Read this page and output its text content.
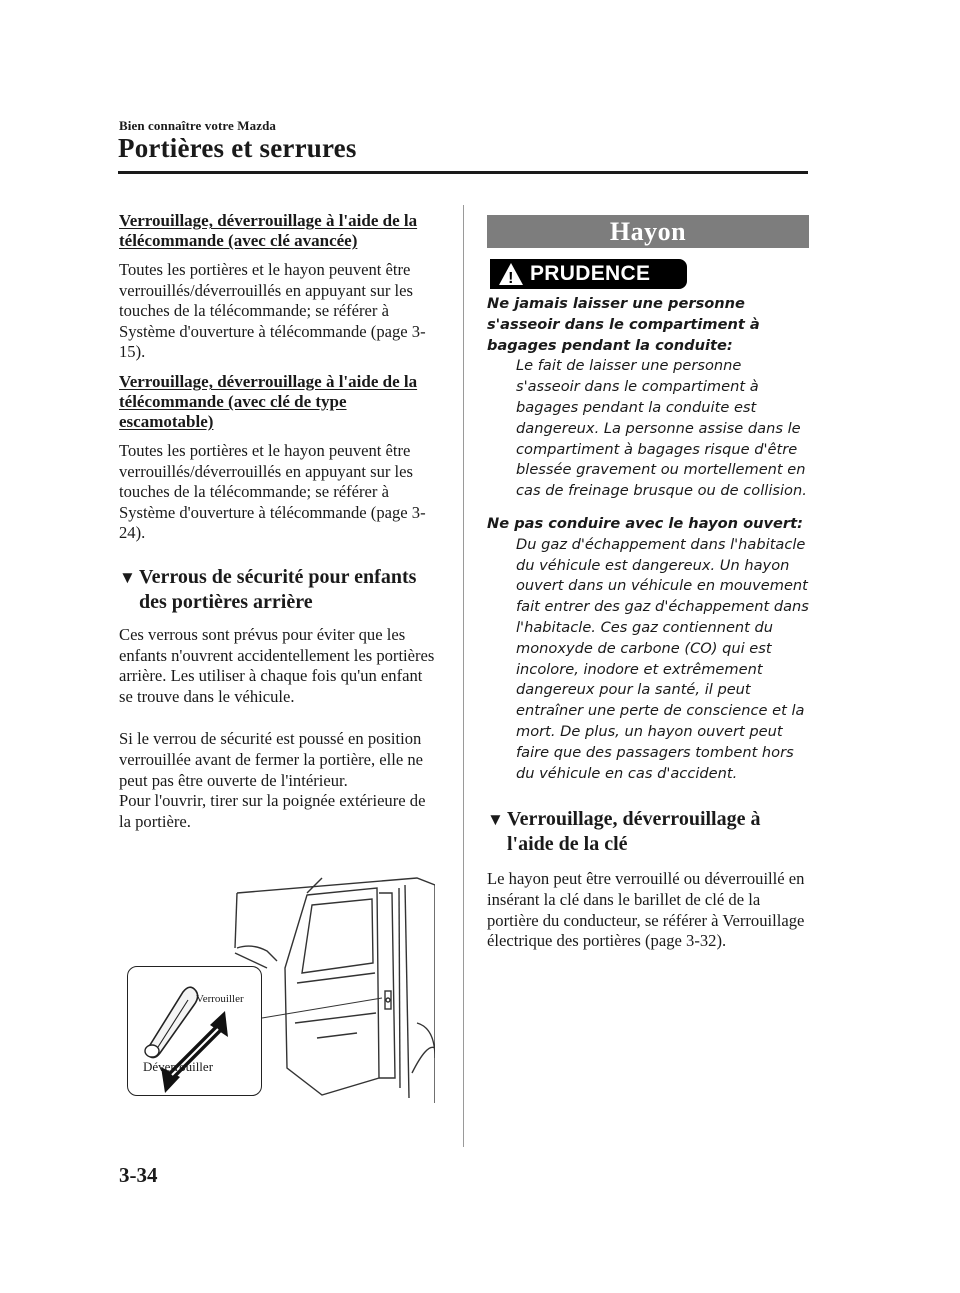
Bien connaître votre Mazda
Portières et serrures
Verrouillage, déverrouillage à l'aide de la télécommande (avec clé avancée)

Toutes les portières et le hayon peuvent être verrouillés/déverrouillés en appuyant sur les touches de la télécommande; se référer à Système d'ouverture à télécommande (page 3-15).

Verrouillage, déverrouillage à l'aide de la télécommande (avec clé de type escamotable)

Toutes les portières et le hayon peuvent être verrouillés/déverrouillés en appuyant sur les touches de la télécommande; se référer à Système d'ouverture à télécommande (page 3-24).

▼ Verrous de sécurité pour enfants des portières arrière

Ces verrous sont prévus pour éviter que les enfants n'ouvrent accidentellement les portières arrière. Les utiliser à chaque fois qu'un enfant se trouve dans le véhicule.

Si le verrou de sécurité est poussé en position verrouillée avant de fermer la portière, elle ne peut pas être ouverte de l'intérieur.

Pour l'ouvrir, tirer sur la poignée extérieure de la portière.

Verrouiller
Déverrouiller
Hayon
! PRUDENCE
Ne jamais laisser une personne s'asseoir dans le compartiment à bagages pendant la conduite:
Le fait de laisser une personne s'asseoir dans le compartiment à bagages pendant la conduite est dangereux. La personne assise dans le compartiment à bagages risque d'être blessée gravement ou mortellement en cas de freinage brusque ou de collision.
Ne pas conduire avec le hayon ouvert:
Du gaz d'échappement dans l'habitacle du véhicule est dangereux. Un hayon ouvert dans un véhicule en mouvement fait entrer des gaz d'échappement dans l'habitacle. Ces gaz contiennent du monoxyde de carbone (CO) qui est incolore, inodore et extrêmement dangereux pour la santé, il peut entraîner une perte de conscience et la mort. De plus, un hayon ouvert peut faire que des passagers tombent hors du véhicule en cas d'accident.
▼ Verrouillage, déverrouillage à l'aide de la clé

Le hayon peut être verrouillé ou déverrouillé en insérant la clé dans le barillet de clé de la portière du conducteur, se référer à Verrouillage électrique des portières (page 3-32).

3-34
